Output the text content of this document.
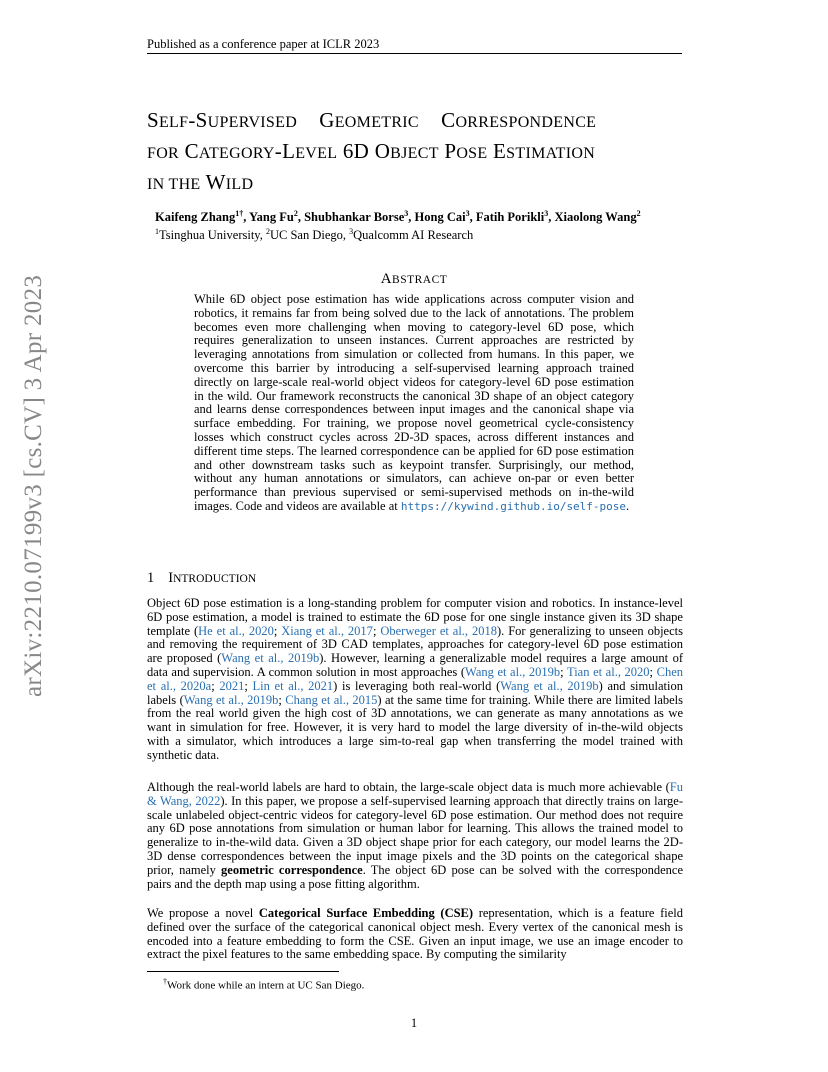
Published as a conference paper at ICLR 2023
arXiv:2210.07199v3 [cs.CV] 3 Apr 2023
SELF-SUPERVISED GEOMETRIC CORRESPONDENCE
FOR CATEGORY-LEVEL 6D OBJECT POSE ESTIMATION
IN THE WILD
Kaifeng Zhang$^{1\dagger}$, Yang Fu$^2$, Shubhankar Borse$^3$, Hong Cai$^3$, Fatih Porikli$^3$, Xiaolong Wang$^2$
$^1$Tsinghua University, $^2$UC San Diego, $^3$Qualcomm AI Research
ABSTRACT
While 6D object pose estimation has wide applications across computer vision and robotics, it remains far from being solved due to the lack of annotations. The problem becomes even more challenging when moving to category-level 6D pose, which requires generalization to unseen instances. Current approaches are restricted by leveraging annotations from simulation or collected from humans. In this paper, we overcome this barrier by introducing a self-supervised learning approach trained directly on large-scale real-world object videos for category-level 6D pose estimation in the wild. Our framework reconstructs the canonical 3D shape of an object category and learns dense correspondences between input images and the canonical shape via surface embedding. For training, we propose novel geometrical cycle-consistency losses which construct cycles across 2D-3D spaces, across different instances and different time steps. The learned correspondence can be applied for 6D pose estimation and other downstream tasks such as keypoint transfer. Surprisingly, our method, without any human annotations or simulators, can achieve on-par or even better performance than previous supervised or semi-supervised methods on in-the-wild images. Code and videos are available at https://kywind.github.io/self-pose.
1 INTRODUCTION
Object 6D pose estimation is a long-standing problem for computer vision and robotics. In instance-level 6D pose estimation, a model is trained to estimate the 6D pose for one single instance given its 3D shape template (He et al., 2020; Xiang et al., 2017; Oberweger et al., 2018). For generalizing to unseen objects and removing the requirement of 3D CAD templates, approaches for category-level 6D pose estimation are proposed (Wang et al., 2019b). However, learning a generalizable model requires a large amount of data and supervision. A common solution in most approaches (Wang et al., 2019b; Tian et al., 2020; Chen et al., 2020a; 2021; Lin et al., 2021) is leveraging both real-world (Wang et al., 2019b) and simulation labels (Wang et al., 2019b; Chang et al., 2015) at the same time for training. While there are limited labels from the real world given the high cost of 3D annotations, we can generate as many annotations as we want in simulation for free. However, it is very hard to model the large diversity of in-the-wild objects with a simulator, which introduces a large sim-to-real gap when transferring the model trained with synthetic data.
Although the real-world labels are hard to obtain, the large-scale object data is much more achievable (Fu & Wang, 2022). In this paper, we propose a self-supervised learning approach that directly trains on large-scale unlabeled object-centric videos for category-level 6D pose estimation. Our method does not require any 6D pose annotations from simulation or human labor for learning. This allows the trained model to generalize to in-the-wild data. Given a 3D object shape prior for each category, our model learns the 2D-3D dense correspondences between the input image pixels and the 3D points on the categorical shape prior, namely geometric correspondence. The object 6D pose can be solved with the correspondence pairs and the depth map using a pose fitting algorithm.
We propose a novel Categorical Surface Embedding (CSE) representation, which is a feature field defined over the surface of the categorical canonical object mesh. Every vertex of the canonical mesh is encoded into a feature embedding to form the CSE. Given an input image, we use an image encoder to extract the pixel features to the same embedding space. By computing the similarity
†Work done while an intern at UC San Diego.
1
